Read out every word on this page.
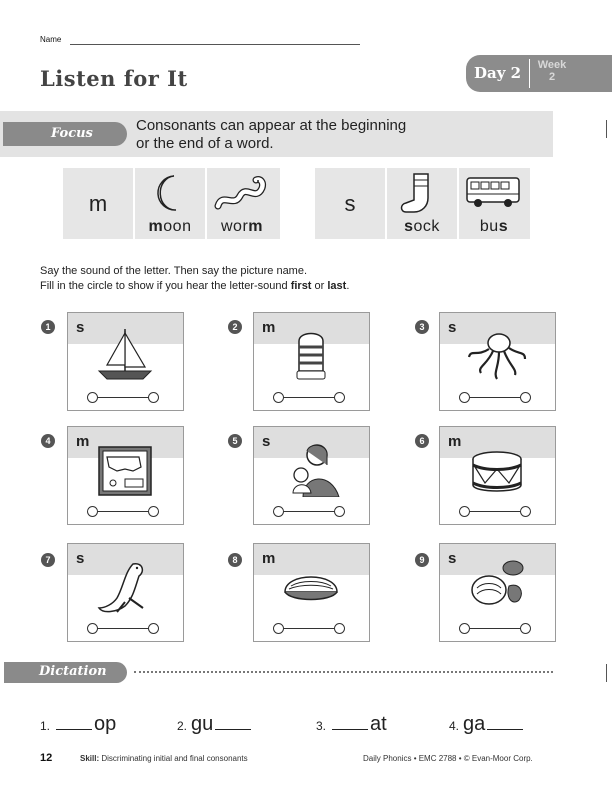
Name
Listen for It	Day 2	Week
2
Focus	Consonants can appear at the beginning
or the end of a word.
m
moon	worm
s
sock	bus
Say the sound of the letter. Then say the picture name.
Fill in the circle to show if you hear the letter-sound first or last.
1	s	2	m	3	s
4	m	5	s	6	m
7	s	8	m	9	s
Dictation
1. op	2. gu	3. at	4. ga
12	Skill: Discriminating initial and final consonants	Daily Phonics • EMC 2788 • © Evan-Moor Corp.
